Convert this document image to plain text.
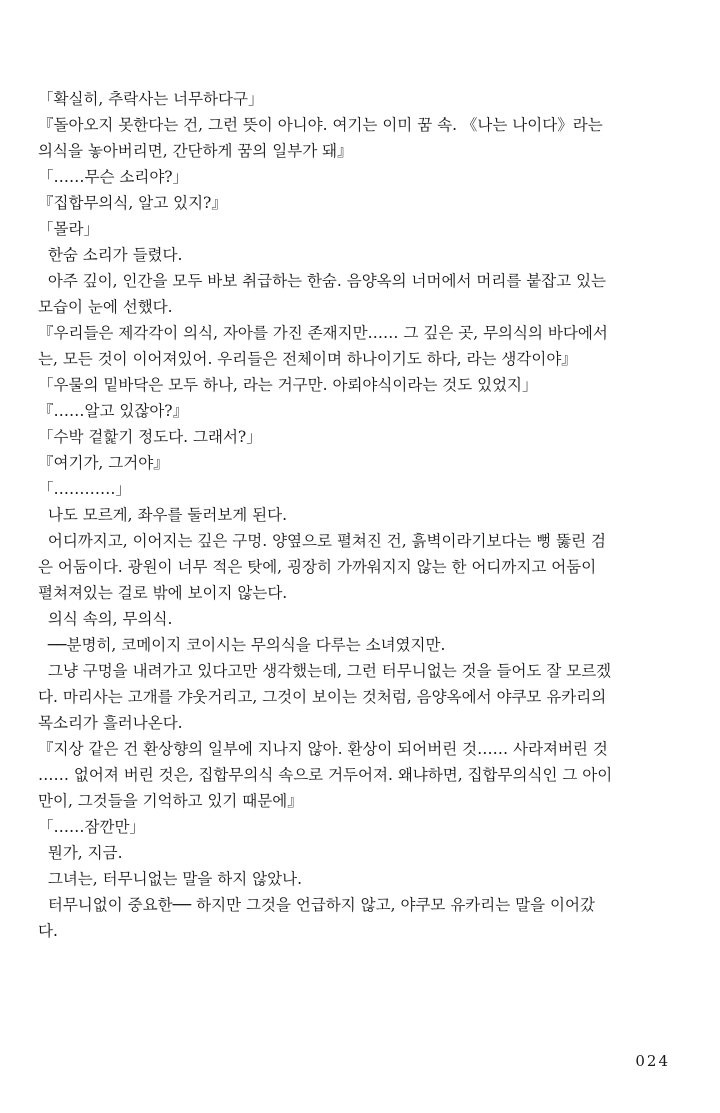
「확실히, 추락사는 너무하다구」
『돌아오지 못한다는 건, 그런 뜻이 아니야. 여기는 이미 꿈 속. 《나는 나이다》라는
의식을 놓아버리면, 간단하게 꿈의 일부가 돼』
「……무슨 소리야?」
『집합무의식, 알고 있지?』
「몰라」
한숨 소리가 들렸다.
아주 깊이, 인간을 모두 바보 취급하는 한숨. 음양옥의 너머에서 머리를 붙잡고 있는
모습이 눈에 선했다.
『우리들은 제각각이 의식, 자아를 가진 존재지만…… 그 깊은 곳, 무의식의 바다에서
는, 모든 것이 이어져있어. 우리들은 전체이며 하나이기도 하다, 라는 생각이야』
「우물의 밑바닥은 모두 하나, 라는 거구만. 아뢰야식이라는 것도 있었지」
『……알고 있잖아?』
「수박 겉핥기 정도다. 그래서?」
『여기가, 그거야』
「…………」
나도 모르게, 좌우를 둘러보게 된다.
어디까지고, 이어지는 깊은 구멍. 양옆으로 펼쳐진 건, 흙벽이라기보다는 뻥 뚫린 검
은 어둠이다. 광원이 너무 적은 탓에, 굉장히 가까워지지 않는 한 어디까지고 어둠이
펼쳐져있는 걸로 밖에 보이지 않는다.
의식 속의, 무의식.
──분명히, 코메이지 코이시는 무의식을 다루는 소녀였지만.
그냥 구멍을 내려가고 있다고만 생각했는데, 그런 터무니없는 것을 들어도 잘 모르겠
다. 마리사는 고개를 갸웃거리고, 그것이 보이는 것처럼, 음양옥에서 야쿠모 유카리의
목소리가 흘러나온다.
『지상 같은 건 환상향의 일부에 지나지 않아. 환상이 되어버린 것…… 사라져버린 것
…… 없어져 버린 것은, 집합무의식 속으로 거두어져. 왜냐하면, 집합무의식인 그 아이
만이, 그것들을 기억하고 있기 때문에』
「……잠깐만」
뭔가, 지금.
그녀는, 터무니없는 말을 하지 않았나.
터무니없이 중요한── 하지만 그것을 언급하지 않고, 야쿠모 유카리는 말을 이어갔
다.
024
